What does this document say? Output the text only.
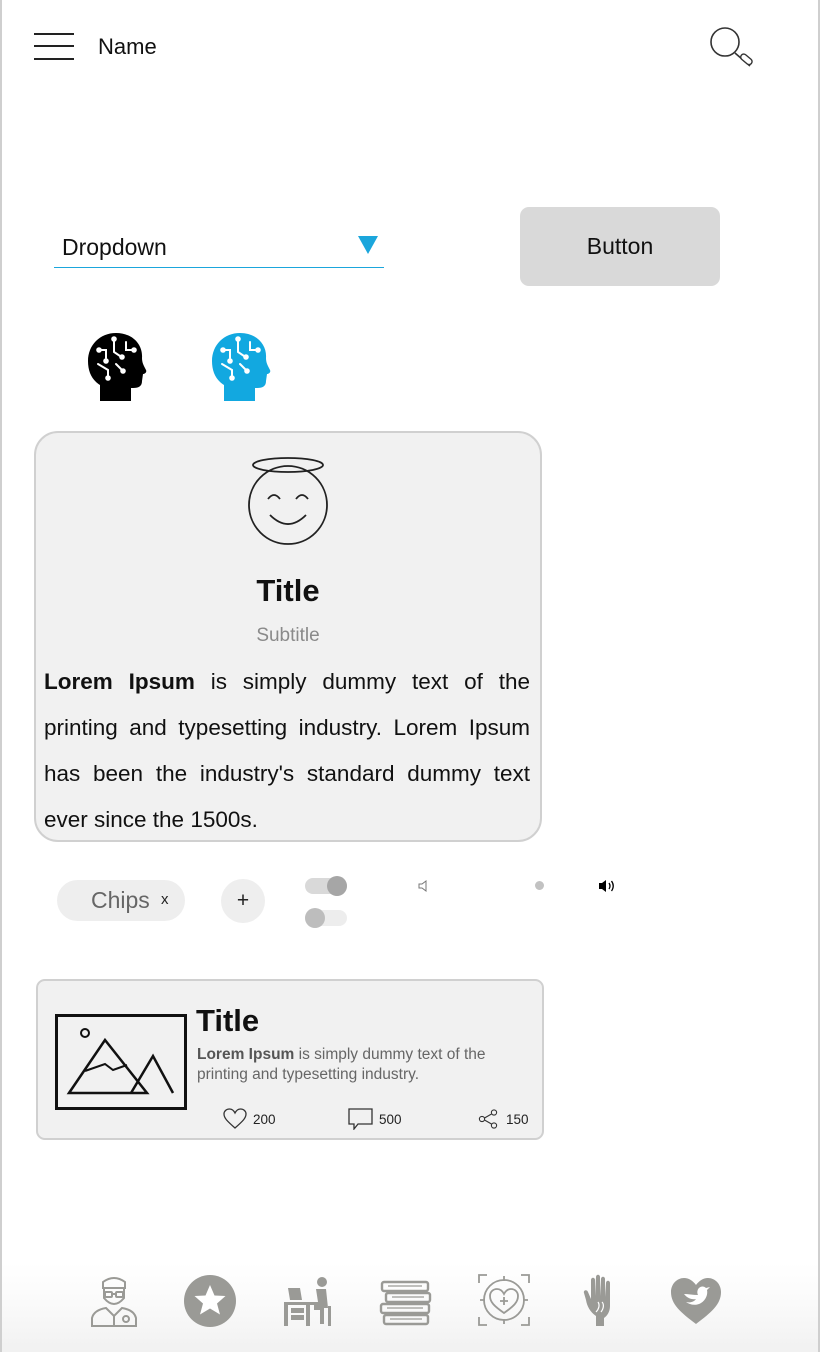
Name
Dropdown	Button
Title
Subtitle
Lorem Ipsum is simply dummy text of the printing and typesetting industry. Lorem Ipsum has been the industry's standard dummy text ever since the 1500s.
Chips x	+
Title
Lorem Ipsum is simply dummy text of the printing and typesetting industry.
200	500	150
